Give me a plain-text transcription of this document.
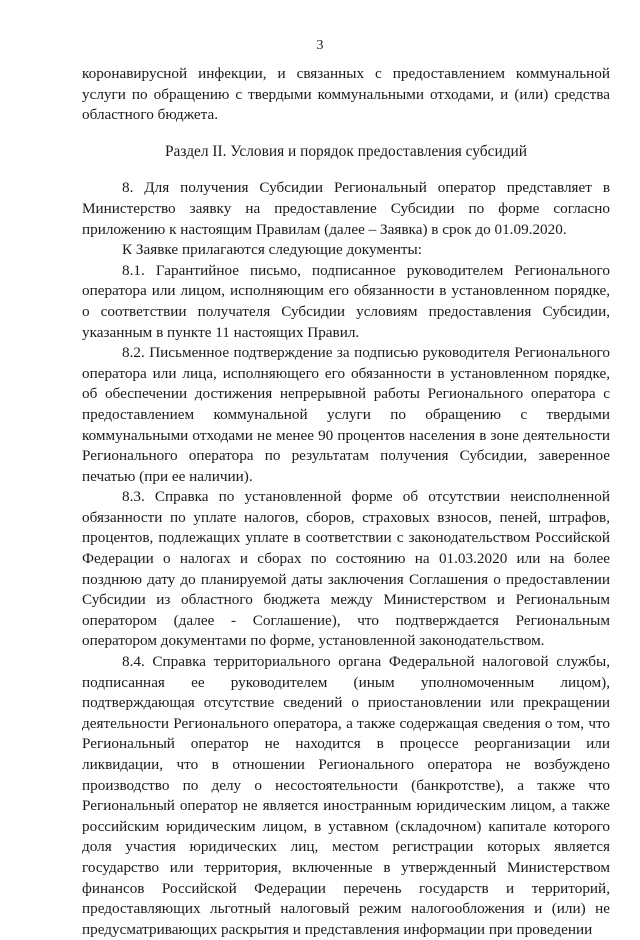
3

коронавирусной инфекции, и связанных с предоставлением коммунальной услуги по обращению с твердыми коммунальными отходами, и (или) средства областного бюджета.

Раздел II. Условия и порядок предоставления субсидий

8. Для получения Субсидии Региональный оператор представляет в Министерство заявку на предоставление Субсидии по форме согласно приложению к настоящим Правилам (далее – Заявка) в срок до 01.09.2020.

К Заявке прилагаются следующие документы:

8.1. Гарантийное письмо, подписанное руководителем Регионального оператора или лицом, исполняющим его обязанности в установленном порядке, о соответствии получателя Субсидии условиям предоставления Субсидии, указанным в пункте 11 настоящих Правил.

8.2. Письменное подтверждение за подписью руководителя Регионального оператора или лица, исполняющего его обязанности в установленном порядке, об обеспечении достижения непрерывной работы Регионального оператора с предоставлением коммунальной услуги по обращению с твердыми коммунальными отходами не менее 90 процентов населения в зоне деятельности Регионального оператора по результатам получения Субсидии, заверенное печатью (при ее наличии).

8.3. Справка по установленной форме об отсутствии неисполненной обязанности по уплате налогов, сборов, страховых взносов, пеней, штрафов, процентов, подлежащих уплате в соответствии с законодательством Российской Федерации о налогах и сборах по состоянию на 01.03.2020 или на более позднюю дату до планируемой даты заключения Соглашения о предоставлении Субсидии из областного бюджета между Министерством и Региональным оператором (далее - Соглашение), что подтверждается Региональным оператором документами по форме, установленной законодательством.

8.4. Справка территориального органа Федеральной налоговой службы, подписанная ее руководителем (иным уполномоченным лицом), подтверждающая отсутствие сведений о приостановлении или прекращении деятельности Регионального оператора, а также содержащая сведения о том, что Региональный оператор не находится в процессе реорганизации или ликвидации, что в отношении Регионального оператора не возбуждено производство по делу о несостоятельности (банкротстве), а также что Региональный оператор не является иностранным юридическим лицом, а также российским юридическим лицом, в уставном (складочном) капитале которого доля участия юридических лиц, местом регистрации которых является государство или территория, включенные в утвержденный Министерством финансов Российской Федерации перечень государств и территорий, предоставляющих льготный налоговый режим налогообложения и (или) не предусматривающих раскрытия и представления информации при проведении
